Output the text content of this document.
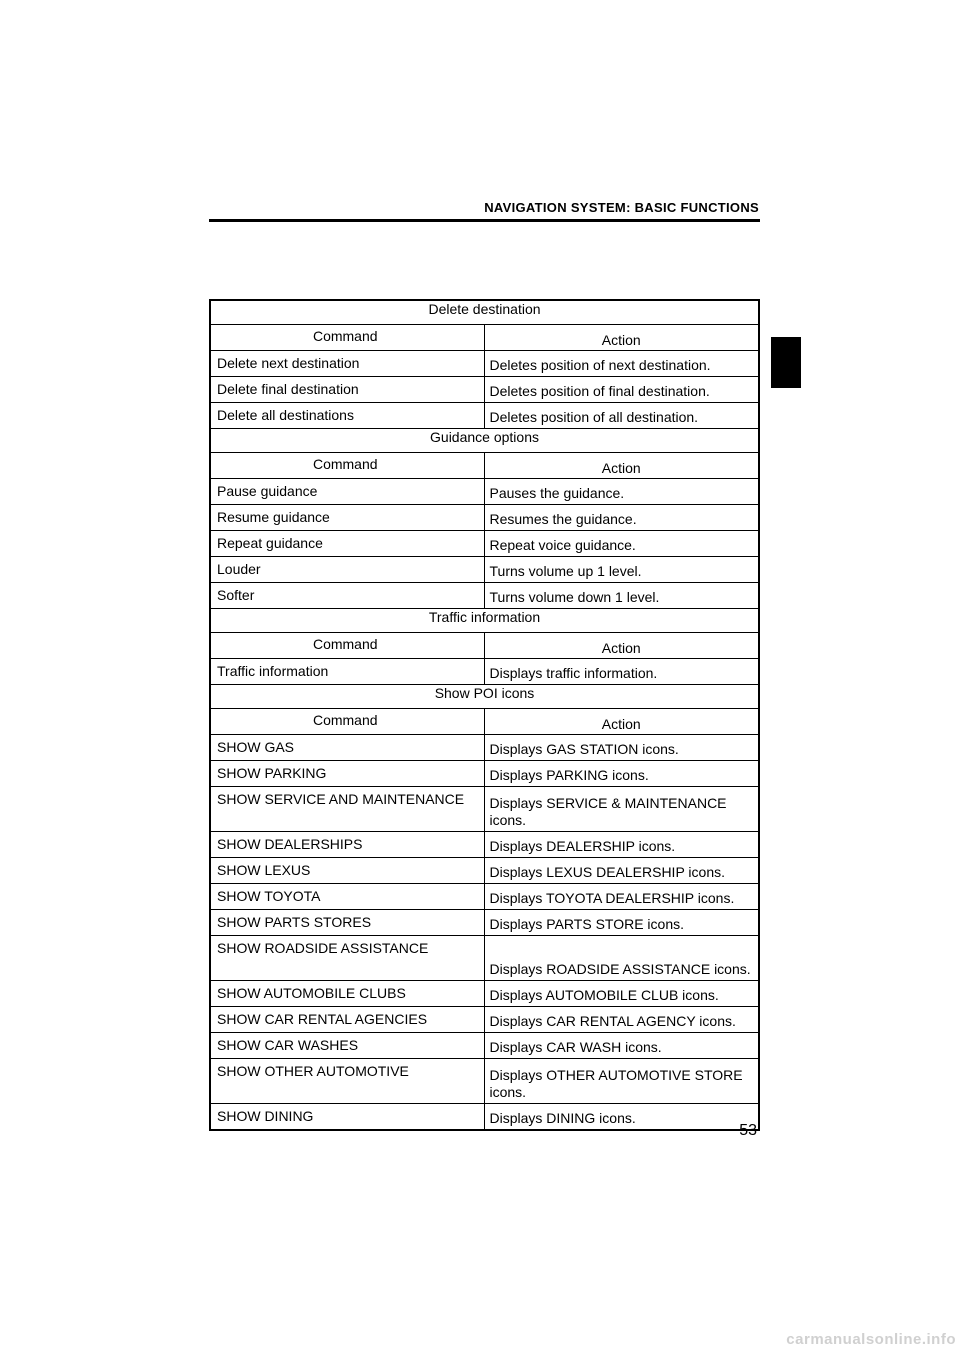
NAVIGATION SYSTEM: BASIC FUNCTIONS
Delete destination	
Command	Action
Delete next destination	Deletes position of next destination.
Delete final destination	Deletes position of final destination.
Delete all destinations	Deletes position of all destination.
Guidance options	
Command	Action
Pause guidance	Pauses the guidance.
Resume guidance	Resumes the guidance.
Repeat guidance	Repeat voice guidance.
Louder	Turns volume up 1 level.
Softer	Turns volume down 1 level.
Traffic information	
Command	Action
Traffic information	Displays traffic information.
Show POI icons	
Command	Action
SHOW GAS	Displays GAS STATION icons.
SHOW PARKING	Displays PARKING icons.
SHOW SERVICE AND MAINTENANCE	Displays SERVICE & MAINTENANCE icons.
SHOW DEALERSHIPS	Displays DEALERSHIP icons.
SHOW LEXUS	Displays LEXUS DEALERSHIP icons.
SHOW TOYOTA	Displays TOYOTA DEALERSHIP icons.
SHOW PARTS STORES	Displays PARTS STORE icons.
SHOW ROADSIDE ASSISTANCE	Displays ROADSIDE ASSISTANCE icons.
SHOW AUTOMOBILE CLUBS	Displays AUTOMOBILE CLUB icons.
SHOW CAR RENTAL AGENCIES	Displays CAR RENTAL AGENCY icons.
SHOW CAR WASHES	Displays CAR WASH icons.
SHOW OTHER AUTOMOTIVE	Displays OTHER AUTOMOTIVE STORE icons.
SHOW DINING	Displays DINING icons.
53
carmanualsonline.info
